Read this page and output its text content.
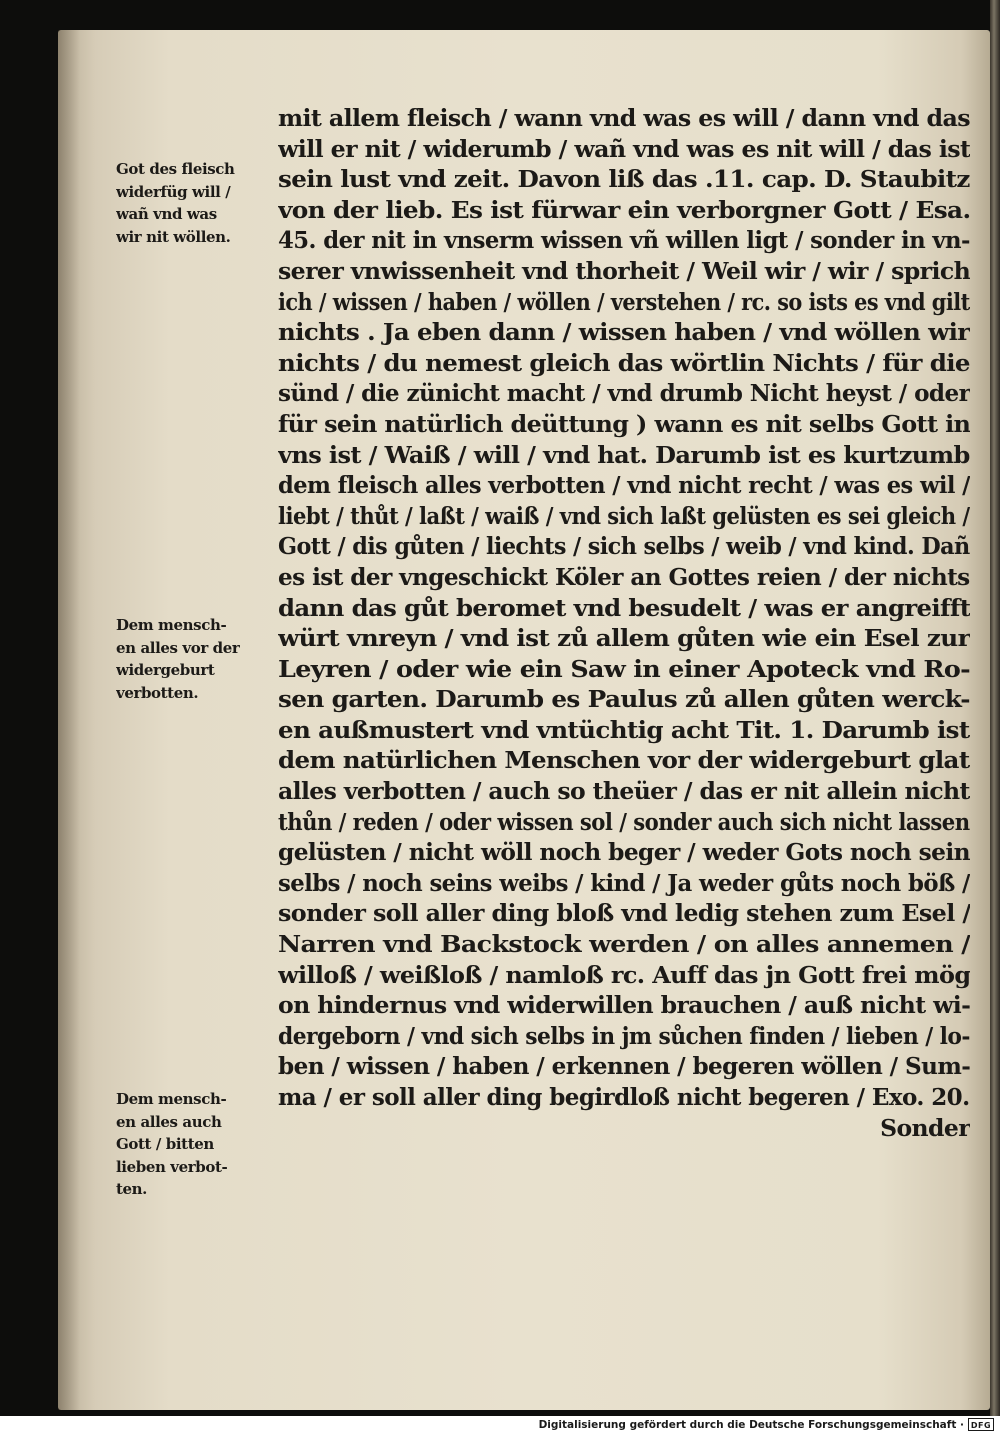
Got des fleisch
widerfüg will /
wañ vnd was
wir nit wöllen.
Dem mensch-
en alles vor der
widergeburt
verbotten.
Dem mensch-
en alles auch
Gott / bitten
lieben verbot-
ten.
mit allem fleisch / wann vnd was es will / dann vnd das
will er nit / widerumb / wañ vnd was es nit will / das ist
sein lust vnd zeit. Davon liß das .11. cap. D. Staubitz
von der lieb. Es ist fürwar ein verborgner Gott / Esa.
45. der nit in vnserm wissen vñ willen ligt / sonder in vn-
serer vnwissenheit vnd thorheit / Weil wir / wir / sprich
ich / wissen / haben / wöllen / verstehen / rc. so ists es vnd gilt
nichts . Ja eben dann / wissen haben / vnd wöllen wir
nichts / du nemest gleich das wörtlin Nichts / für die
sünd / die zünicht macht / vnd drumb Nicht heyst / oder
für sein natürlich deüttung ) wann es nit selbs Gott in
vns ist / Waiß / will / vnd hat. Darumb ist es kurtzumb
dem fleisch alles verbotten / vnd nicht recht / was es wil /
liebt / thůt / laßt / waiß / vnd sich laßt gelüsten es sei gleich /
Gott / dis gůten / liechts / sich selbs / weib / vnd kind. Dañ
es ist der vngeschickt Köler an Gottes reien / der nichts
dann das gůt beromet vnd besudelt / was er angreifft
würt vnreyn / vnd ist zů allem gůten wie ein Esel zur
Leyren / oder wie ein Saw in einer Apoteck vnd Ro-
sen garten. Darumb es Paulus zů allen gůten werck-
en außmustert vnd vntüchtig acht Tit. 1. Darumb ist
dem natürlichen Menschen vor der widergeburt glat
alles verbotten / auch so theüer / das er nit allein nicht
thůn / reden / oder wissen sol / sonder auch sich nicht lassen
gelüsten / nicht wöll noch beger / weder Gots noch sein
selbs / noch seins weibs / kind / Ja weder gůts noch böß /
sonder soll aller ding bloß vnd ledig stehen zum Esel /
Narren vnd Backstock werden / on alles annemen /
willoß / weißloß / namloß rc. Auff das jn Gott frei mög
on hindernus vnd widerwillen brauchen / auß nicht wi-
dergeborn / vnd sich selbs in jm sůchen finden / lieben / lo-
ben / wissen / haben / erkennen / begeren wöllen / Sum-
ma / er soll aller ding begirdloß nicht begeren / Exo. 20.
Sonder
Digitalisierung gefördert durch die Deutsche Forschungsgemeinschaft · DFG
